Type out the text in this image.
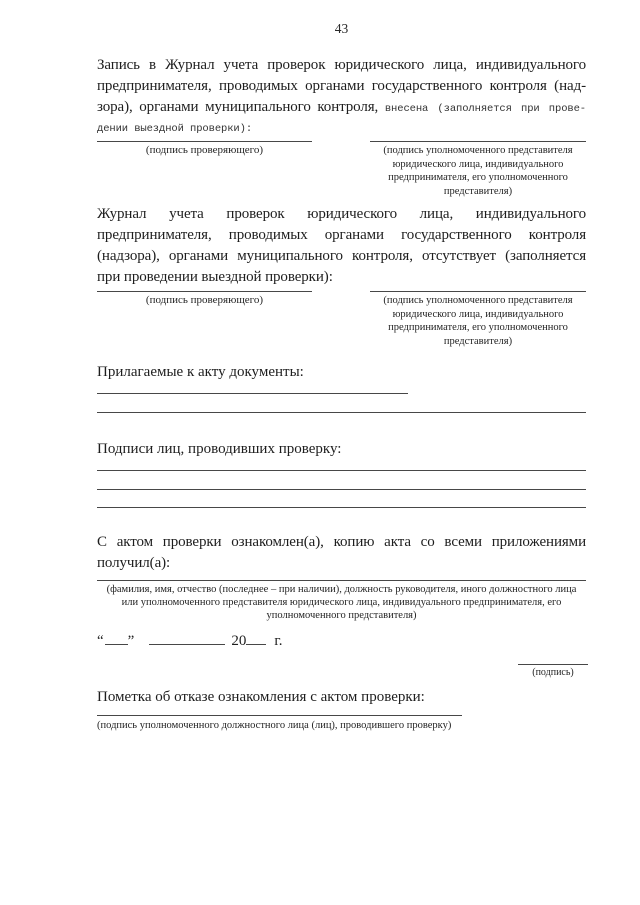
43
Запись в Журнал учета проверок юридического лица, индивидуального
предпринимателя, проводимых органами государственного контроля (над-
зора), органами муниципального контроля, внесена (заполняется при прове-
дении выездной проверки):
(подпись проверяющего)	(подпись уполномоченного представителя
юридического лица, индивидуального
предпринимателя, его уполномоченного
представителя)
Журнал учета проверок юридического лица, индивидуального
предпринимателя, проводимых органами государственного контроля
(надзора), органами муниципального контроля, отсутствует (заполняется
при проведении выездной проверки):
(подпись проверяющего)	(подпись уполномоченного представителя
юридического лица, индивидуального
предпринимателя, его уполномоченного
представителя)
Прилагаемые к акту документы:
Подписи лиц, проводивших проверку:
С актом проверки ознакомлен(а), копию акта со всеми приложениями
получил(а):
(фамилия, имя, отчество (последнее – при наличии), должность руководителя, иного должностного лица
или уполномоченного представителя юридического лица, индивидуального предпринимателя, его
уполномоченного представителя)
“ ”	20 г.
(подпись)
Пометка об отказе ознакомления с актом проверки:
(подпись уполномоченного должностного лица (лиц), проводившего проверку)
